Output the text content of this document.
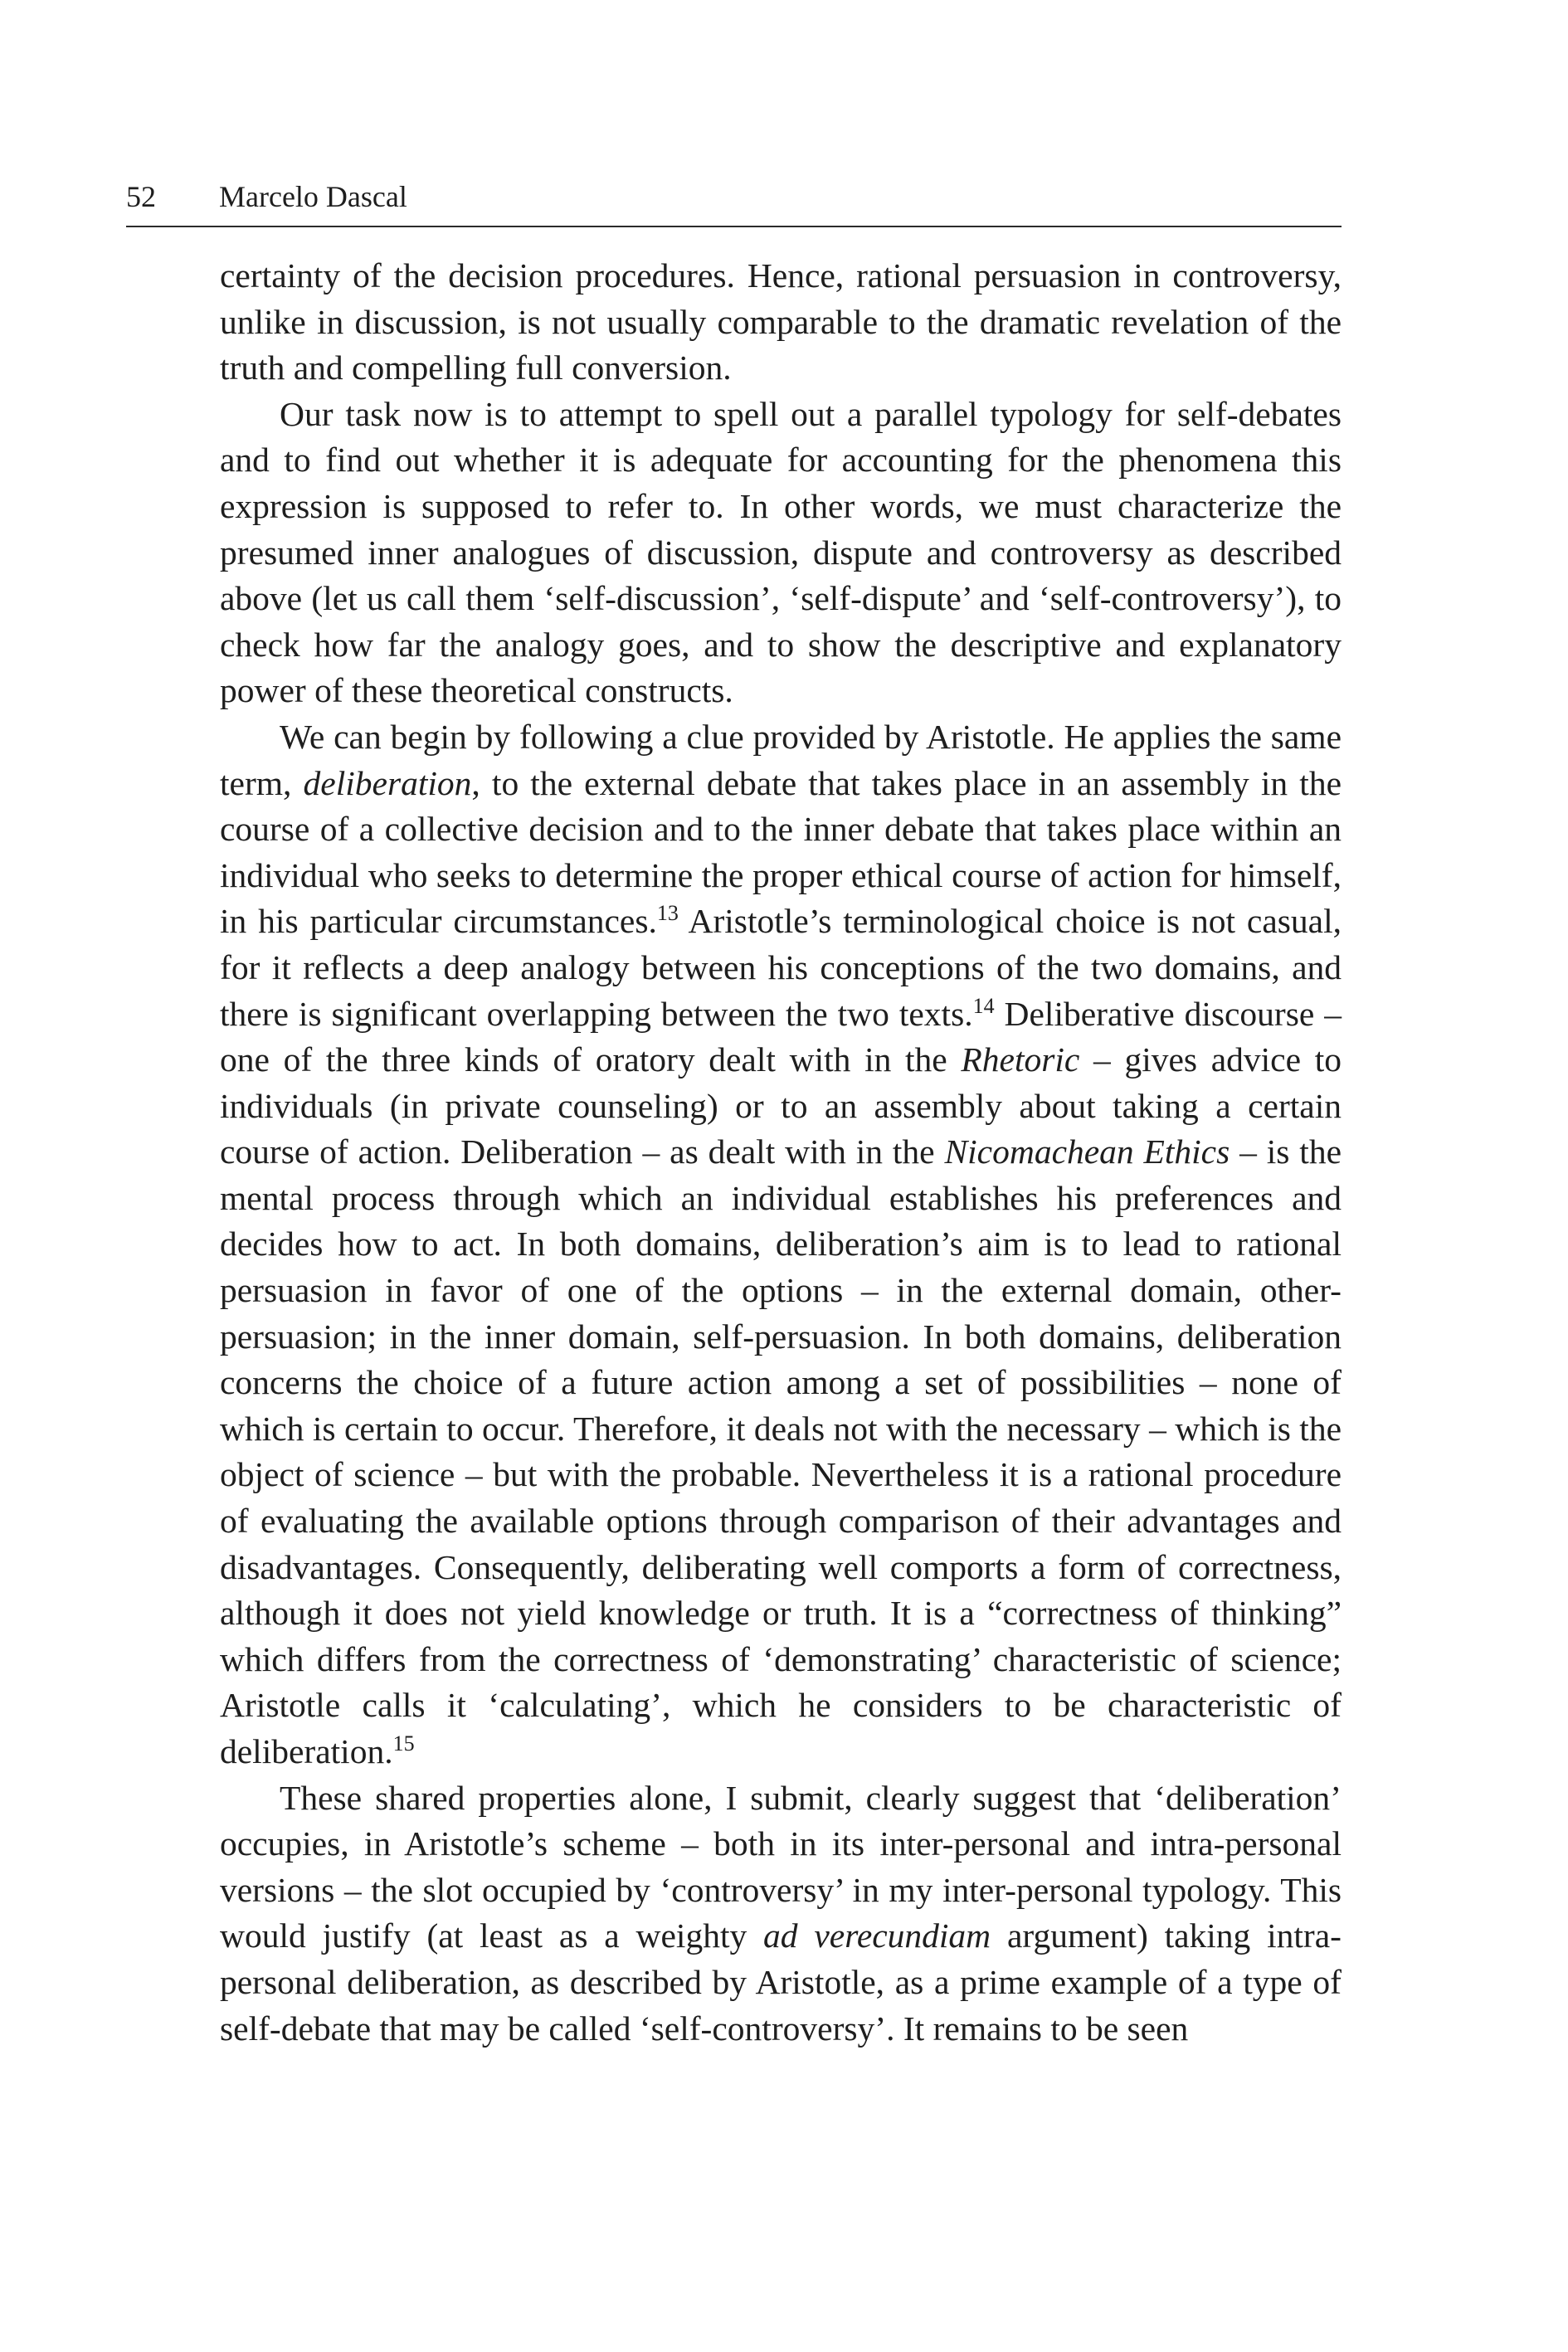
52 Marcelo Dascal

certainty of the decision procedures. Hence, rational persuasion in controversy, unlike in discussion, is not usually comparable to the dramatic revelation of the truth and compelling full conversion.

Our task now is to attempt to spell out a parallel typology for self-debates and to find out whether it is adequate for accounting for the phenomena this expression is supposed to refer to. In other words, we must characterize the presumed inner analogues of discussion, dispute and controversy as described above (let us call them ‘self-discussion’, ‘self-dispute’ and ‘self-controversy’), to check how far the analogy goes, and to show the descriptive and explanatory power of these theoretical constructs.

We can begin by following a clue provided by Aristotle. He applies the same term, deliberation, to the external debate that takes place in an assembly in the course of a collective decision and to the inner debate that takes place within an individual who seeks to determine the proper ethical course of action for himself, in his particular circumstances.$^{13}$ Aristotle’s terminological choice is not casual, for it reflects a deep analogy between his conceptions of the two domains, and there is significant overlapping between the two texts.$^{14}$ Deliberative discourse – one of the three kinds of oratory dealt with in the Rhetoric – gives advice to individuals (in private counseling) or to an assembly about taking a certain course of action. Deliberation – as dealt with in the Nicomachean Ethics – is the mental process through which an individual establishes his preferences and decides how to act. In both domains, deliberation’s aim is to lead to rational persuasion in favor of one of the options – in the external domain, other-persuasion; in the inner domain, self-persuasion. In both domains, deliberation concerns the choice of a future action among a set of possibilities – none of which is certain to occur. Therefore, it deals not with the necessary – which is the object of science – but with the probable. Nevertheless it is a rational procedure of evaluating the available options through comparison of their advantages and disadvantages. Consequently, deliberating well comports a form of correctness, although it does not yield knowledge or truth. It is a “correctness of thinking” which differs from the correctness of ‘demonstrating’ characteristic of science; Aristotle calls it ‘calculating’, which he considers to be characteristic of deliberation.$^{15}$

These shared properties alone, I submit, clearly suggest that ‘deliberation’ occupies, in Aristotle’s scheme – both in its inter-personal and intra-personal versions – the slot occupied by ‘controversy’ in my inter-personal typology. This would justify (at least as a weighty ad verecundiam argument) taking intra-personal deliberation, as described by Aristotle, as a prime example of a type of self-debate that may be called ‘self-controversy’. It remains to be seen
